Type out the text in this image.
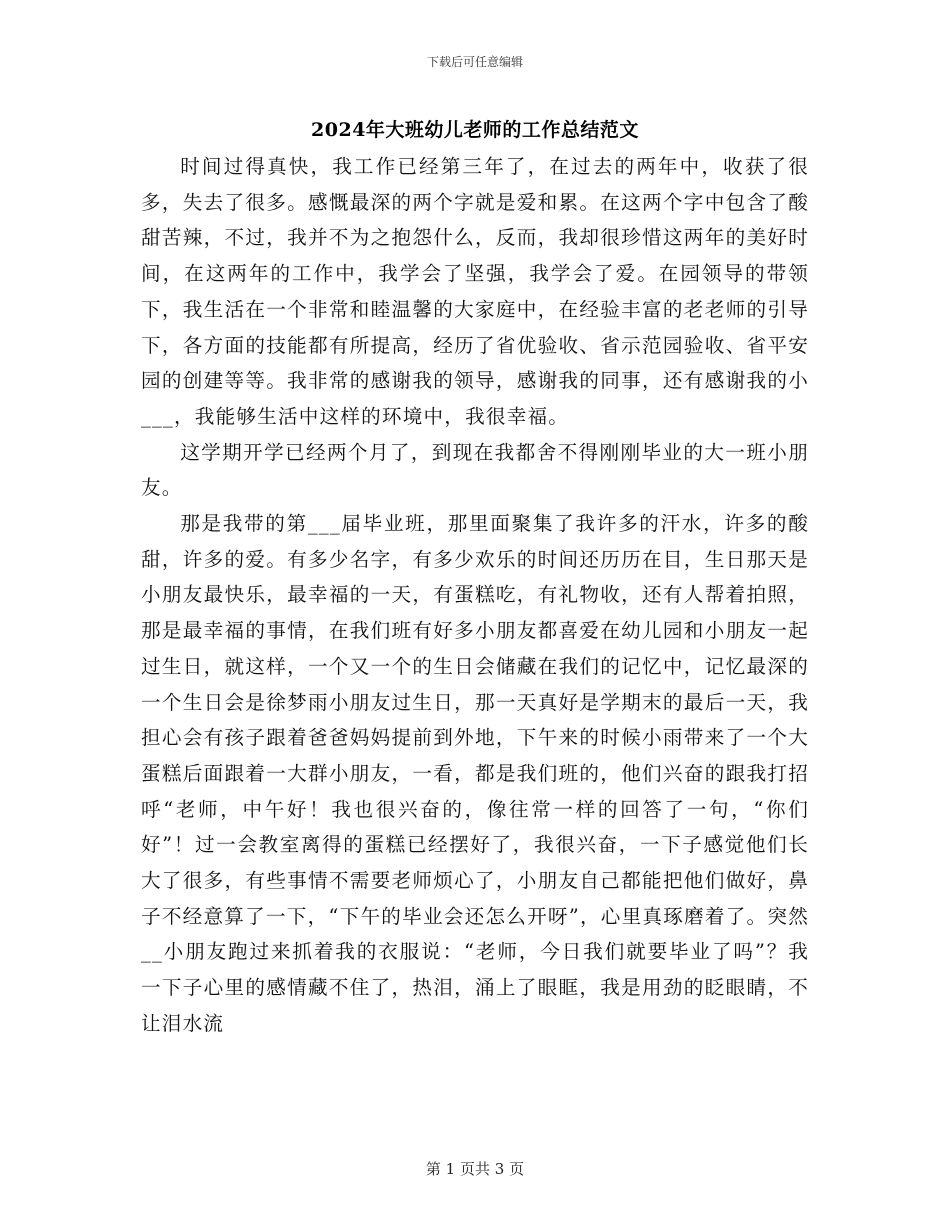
下载后可任意编辑
2024年大班幼儿老师的工作总结范文

时间过得真快，我工作已经第三年了，在过去的两年中，收获了很多，失去了很多。感慨最深的两个字就是爱和累。在这两个字中包含了酸甜苦辣，不过，我并不为之抱怨什么，反而，我却很珍惜这两年的美好时间，在这两年的工作中，我学会了坚强，我学会了爱。在园领导的带领下，我生活在一个非常和睦温馨的大家庭中，在经验丰富的老老师的引导下，各方面的技能都有所提高，经历了省优验收、省示范园验收、省平安园的创建等等。我非常的感谢我的领导，感谢我的同事，还有感谢我的小___，我能够生活中这样的环境中，我很幸福。

这学期开学已经两个月了，到现在我都舍不得刚刚毕业的大一班小朋友。

那是我带的第___届毕业班，那里面聚集了我许多的汗水，许多的酸甜，许多的爱。有多少名字，有多少欢乐的时间还历历在目，生日那天是小朋友最快乐，最幸福的一天，有蛋糕吃，有礼物收，还有人帮着拍照，那是最幸福的事情，在我们班有好多小朋友都喜爱在幼儿园和小朋友一起过生日，就这样，一个又一个的生日会储藏在我们的记忆中，记忆最深的一个生日会是徐梦雨小朋友过生日，那一天真好是学期末的最后一天，我担心会有孩子跟着爸爸妈妈提前到外地，下午来的时候小雨带来了一个大蛋糕后面跟着一大群小朋友，一看，都是我们班的，他们兴奋的跟我打招呼“老师，中午好！我也很兴奋的，像往常一样的回答了一句，“你们好”！过一会教室离得的蛋糕已经摆好了，我很兴奋，一下子感觉他们长大了很多，有些事情不需要老师烦心了，小朋友自己都能把他们做好，鼻子不经意算了一下，“下午的毕业会还怎么开呀”，心里真琢磨着了。突然__小朋友跑过来抓着我的衣服说：“老师，今日我们就要毕业了吗”？我一下子心里的感情藏不住了，热泪，涌上了眼眶，我是用劲的眨眼睛，不让泪水流

第 1 页共 3 页
